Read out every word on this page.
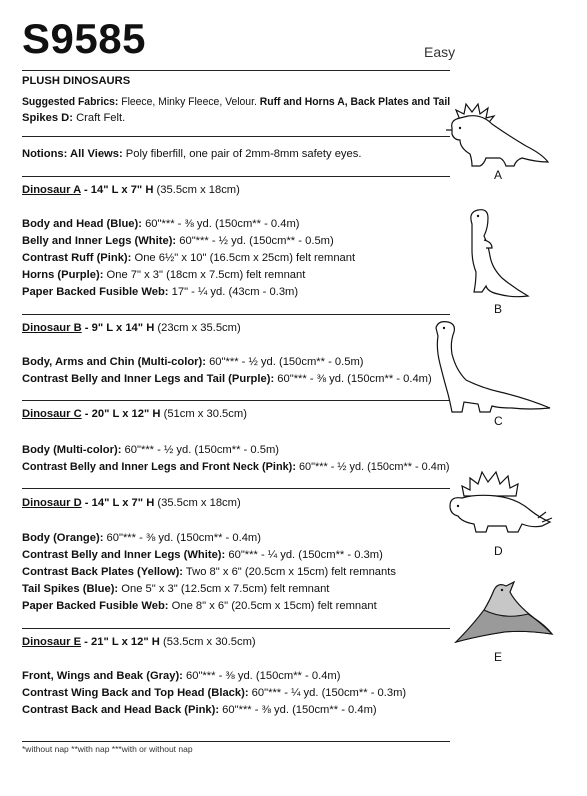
S9585	Easy
PLUSH DINOSAURS
Suggested Fabrics: Fleece, Minky Fleece, Velour. Ruff and Horns A, Back Plates and Tail
Spikes D: Craft Felt.
Notions: All Views: Poly fiberfill, one pair of 2mm-8mm safety eyes.
Dinosaur A - 14" L x 7" H (35.5cm x 18cm)
Body and Head (Blue): 60"*** - ⅜ yd. (150cm** - 0.4m)
Belly and Inner Legs (White): 60"*** - ½ yd. (150cm** - 0.5m)
Contrast Ruff (Pink): One 6½" x 10" (16.5cm x 25cm) felt remnant
Horns (Purple): One 7" x 3" (18cm x 7.5cm) felt remnant
Paper Backed Fusible Web: 17" - ¼ yd. (43cm - 0.3m)
Dinosaur B - 9" L x 14" H (23cm x 35.5cm)
Body, Arms and Chin (Multi-color): 60"*** - ½ yd. (150cm** - 0.5m)
Contrast Belly and Inner Legs and Tail (Purple): 60"*** - ⅜ yd. (150cm** - 0.4m)
Dinosaur C - 20" L x 12" H (51cm x 30.5cm)
Body (Multi-color): 60"*** - ½ yd. (150cm** - 0.5m)
Contrast Belly and Inner Legs and Front Neck (Pink): 60"*** - ½ yd. (150cm** - 0.4m)
Dinosaur D - 14" L x 7" H (35.5cm x 18cm)
Body (Orange): 60"*** - ⅜ yd. (150cm** - 0.4m)
Contrast Belly and Inner Legs (White): 60"*** - ¼ yd. (150cm** - 0.3m)
Contrast Back Plates (Yellow): Two 8" x 6" (20.5cm x 15cm) felt remnants
Tail Spikes (Blue): One 5" x 3" (12.5cm x 7.5cm) felt remnant
Paper Backed Fusible Web: One 8" x 6" (20.5cm x 15cm) felt remnant
Dinosaur E - 21" L x 12" H (53.5cm x 30.5cm)
Front, Wings and Beak (Gray): 60"*** - ⅜ yd. (150cm** - 0.4m)
Contrast Wing Back and Top Head (Black): 60"*** - ¼ yd. (150cm** - 0.3m)
Contrast Back and Head Back (Pink): 60"*** - ⅜ yd. (150cm** - 0.4m)
*without nap **with nap ***with or without nap
A
B
C
D
E
